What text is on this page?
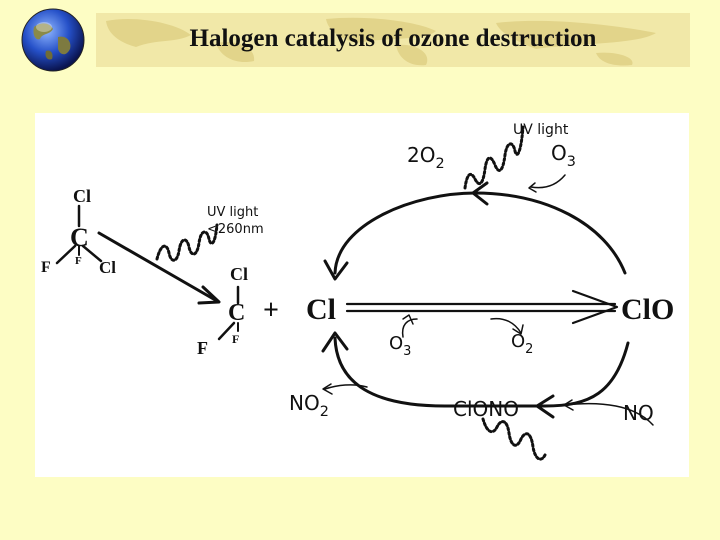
Halogen catalysis of ozone destruction
Cl
C
F F Cl
UV light
<260nm
Cl
C
F F
+ Cl	ClO
UV light
$2O_2$	$O_3$
$O_3$	$O_2$
$NO_2$	ClONO	NO
